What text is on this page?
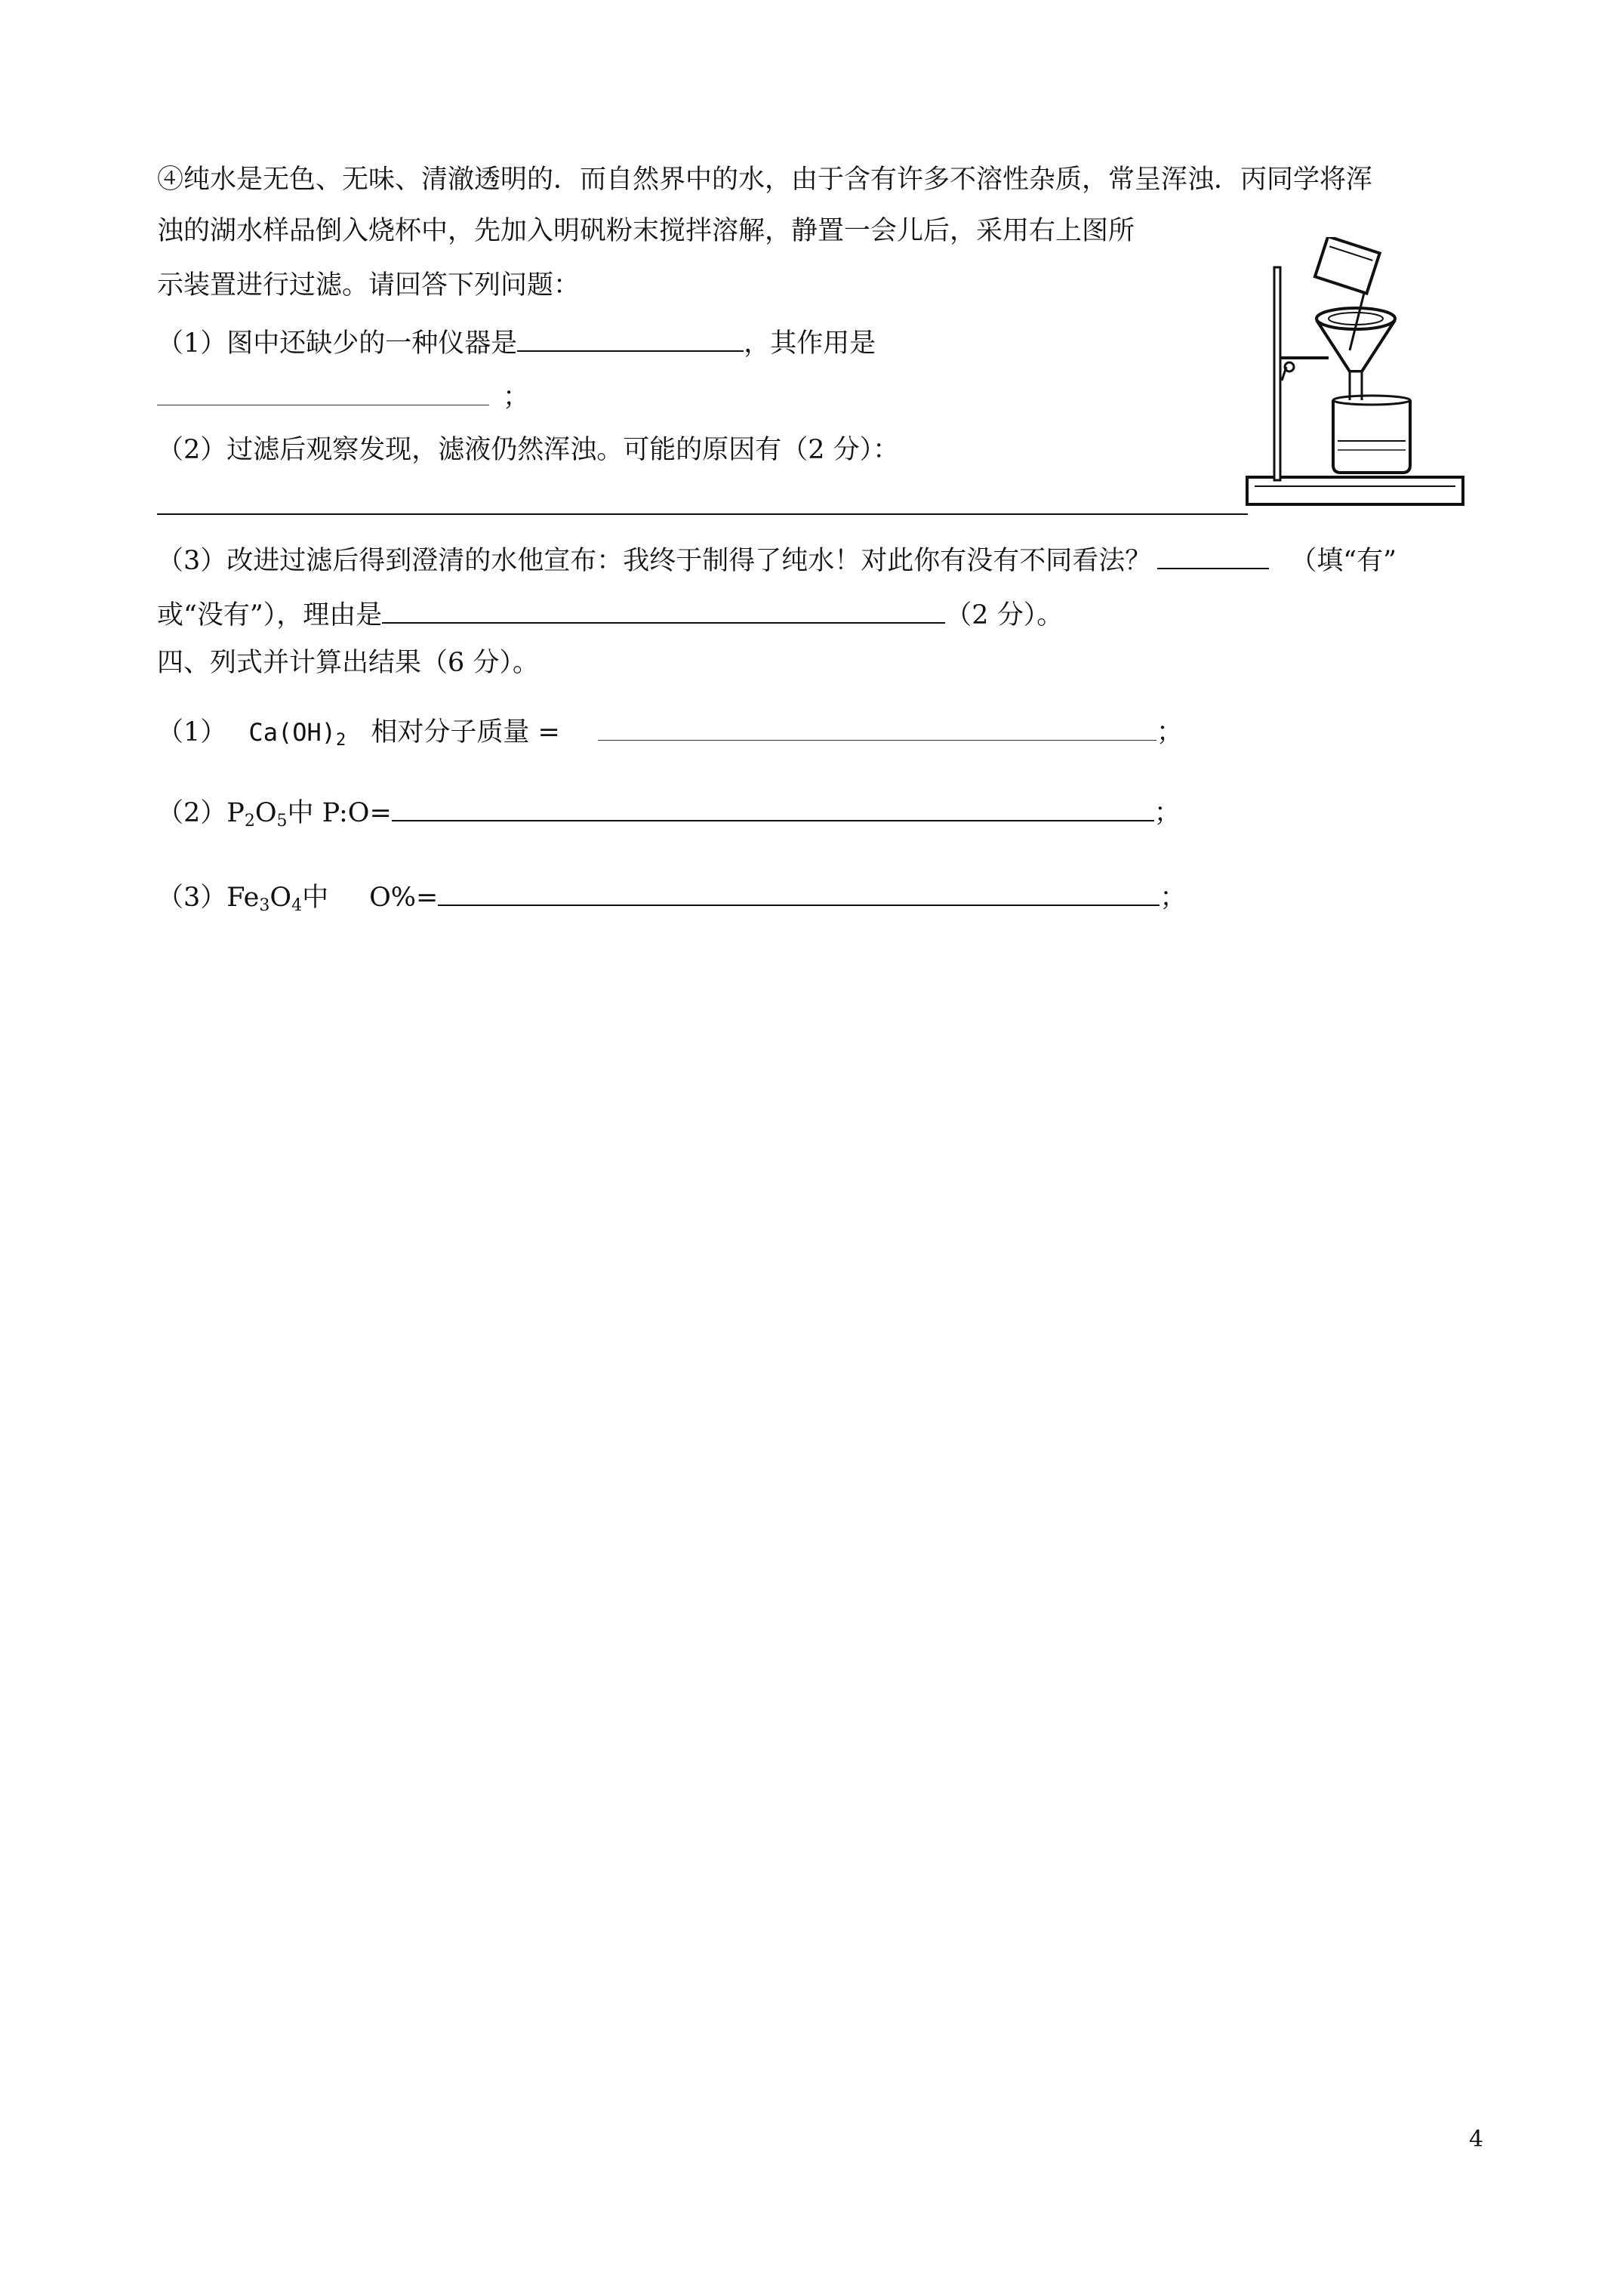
④纯水是无色、无味、清澈透明的．而自然界中的水，由于含有许多不溶性杂质，常呈浑浊．丙同学将浑
浊的湖水样品倒入烧杯中，先加入明矾粉末搅拌溶解，静置一会儿后，采用右上图所
示装置进行过滤。请回答下列问题：
（1）图中还缺少的一种仪器是	，其作用是
；
（2）过滤后观察发现，滤液仍然浑浊。可能的原因有（2 分）：
（3）改进过滤后得到澄清的水他宣布：我终于制得了纯水！对此你有没有不同看法？	（填“有”
或“没有”），理由是	（2 分）。
四、列式并计算出结果（6 分）。
（1） $Ca(OH)_2$ 相对分子质量 =	；
$(2)P_2O_5$中 P:O=	；
$(3)Fe_3O_4$中 O%=	；
4
